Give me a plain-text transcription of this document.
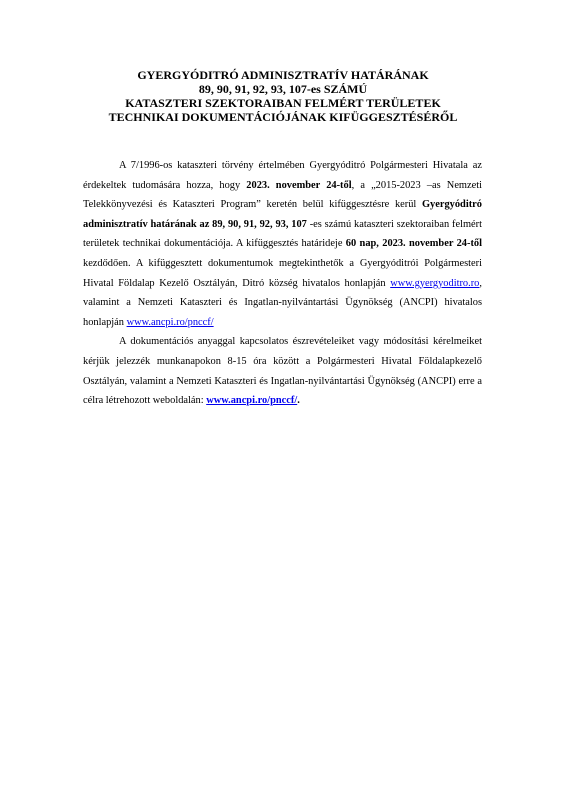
GYERGYÓDITRÓ ADMINISZTRATÍV HATÁRÁNAK
89, 90, 91, 92, 93, 107-es SZÁMÚ
KATASZTERI SZEKTORAIBAN FELMÉRT TERÜLETEK
TECHNIKAI DOKUMENTÁCIÓJÁNAK KIFÜGGESZTÉSÉRŐL

A 7/1996-os kataszteri törvény értelmében Gyergyóditró Polgármesteri Hivatala az érdekeltek tudomására hozza, hogy 2023. november 24-től, a „2015-2023 –as Nemzeti Telekkönyvezési és Kataszteri Program” keretén belül kifüggesztésre kerül Gyergyóditró adminisztratív határának az 89, 90, 91, 92, 93, 107 -es számú kataszteri szektoraiban felmért területek technikai dokumentációja. A kifüggesztés határideje 60 nap, 2023. november 24-től kezdődően. A kifüggesztett dokumentumok megtekinthetők a Gyergyóditrói Polgármesteri Hivatal Földalap Kezelő Osztályán, Ditró község hivatalos honlapján www.gyergyoditro.ro, valamint a Nemzeti Kataszteri és Ingatlan-nyilvántartási Ügynökség (ANCPI) hivatalos honlapján www.ancpi.ro/pnccf/

A dokumentációs anyaggal kapcsolatos észrevételeiket vagy módosítási kérelmeiket kérjük jelezzék munkanapokon 8-15 óra között a Polgármesteri Hivatal Földalapkezelő Osztályán, valamint a Nemzeti Kataszteri és Ingatlan-nyilvántartási Ügynökség (ANCPI) erre a célra létrehozott weboldalán: www.ancpi.ro/pnccf/.
